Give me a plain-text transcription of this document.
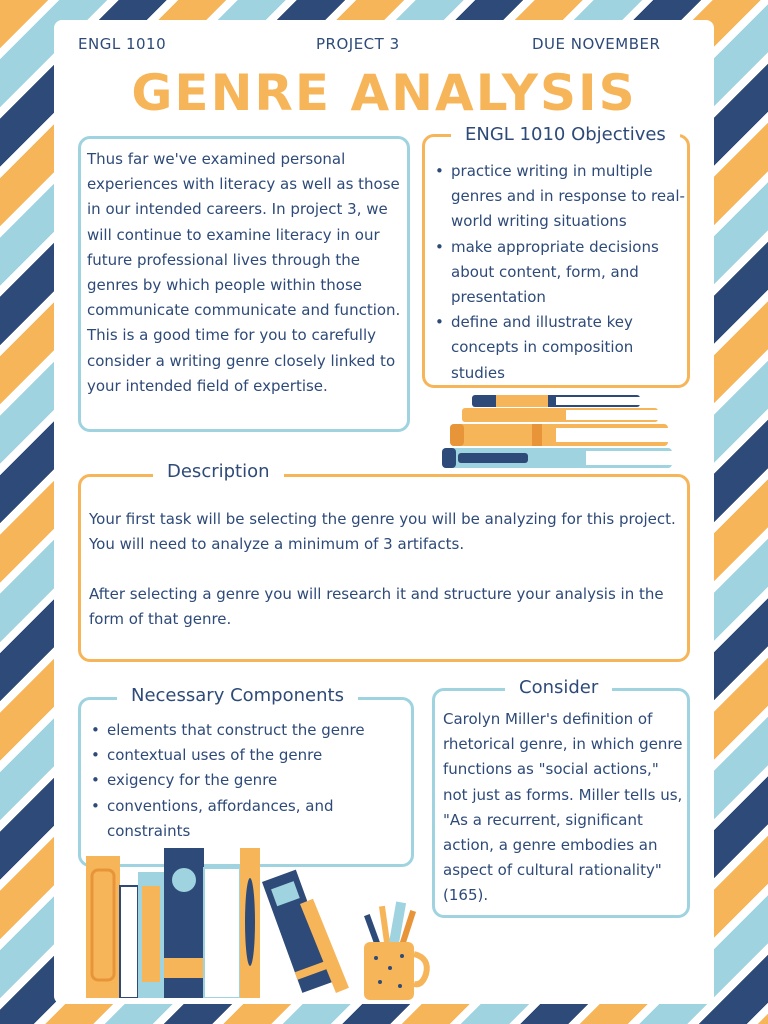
ENGL 1010	PROJECT 3	DUE NOVEMBER
GENRE ANALYSIS

Thus far we've examined personal experiences with literacy as well as those in our intended careers. In project 3, we will continue to examine literacy in our future professional lives through the genres by which people within those communicate communicate and function. This is a good time for you to carefully consider a writing genre closely linked to your intended field of expertise.

ENGL 1010 Objectives
• practice writing in multiple genres and in response to real-world writing situations
• make appropriate decisions about content, form, and presentation
• define and illustrate key concepts in composition studies
Description

Your first task will be selecting the genre you will be analyzing for this project. You will need to analyze a minimum of 3 artifacts.

After selecting a genre you will research it and structure your analysis in the form of that genre.

Necessary Components
• elements that construct the genre
• contextual uses of the genre
• exigency for the genre
• conventions, affordances, and constraints
Consider

Carolyn Miller's definition of rhetorical genre, in which genre functions as "social actions," not just as forms. Miller tells us, "As a recurrent, significant action, a genre embodies an aspect of cultural rationality" (165).
